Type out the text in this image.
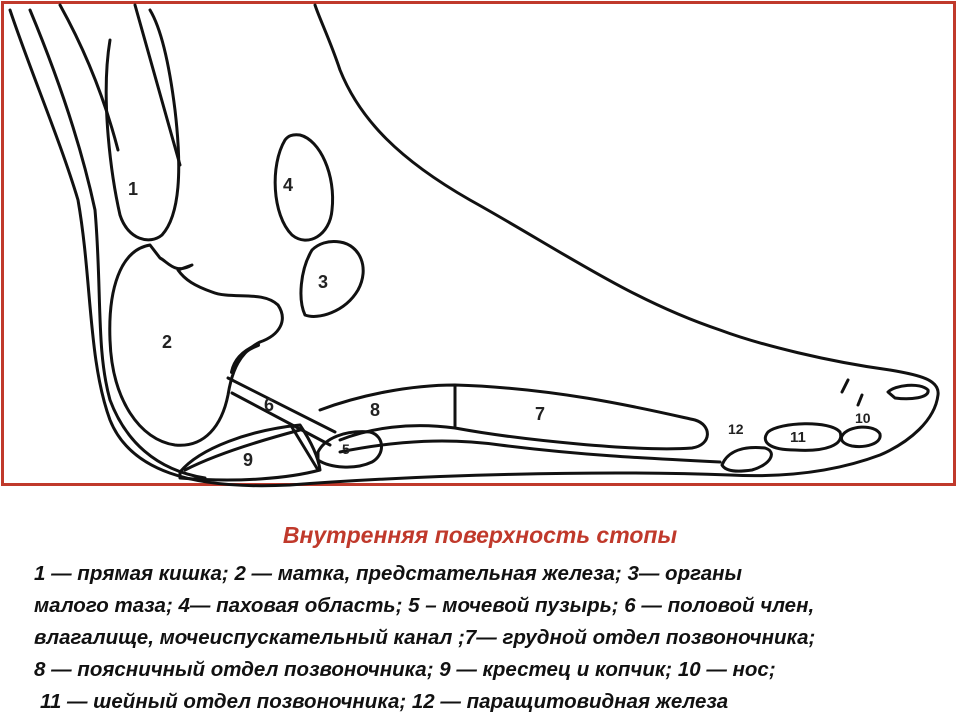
1
2
3
4
5
6	7
8
9
10
11
12
Внутренняя поверхность стопы
1 — прямая кишка; 2 — матка, предстательная железа; 3— органы
малого таза; 4— паховая область; 5 – мочевой пузырь; 6 — половой член,
влагалище, мочеиспускательный канал ;7— грудной отдел позвоночника;
8 — поясничный отдел позвоночника; 9 — крестец и копчик; 10 — нос;
11 — шейный отдел позвоночника; 12 — паращитовидная железа
